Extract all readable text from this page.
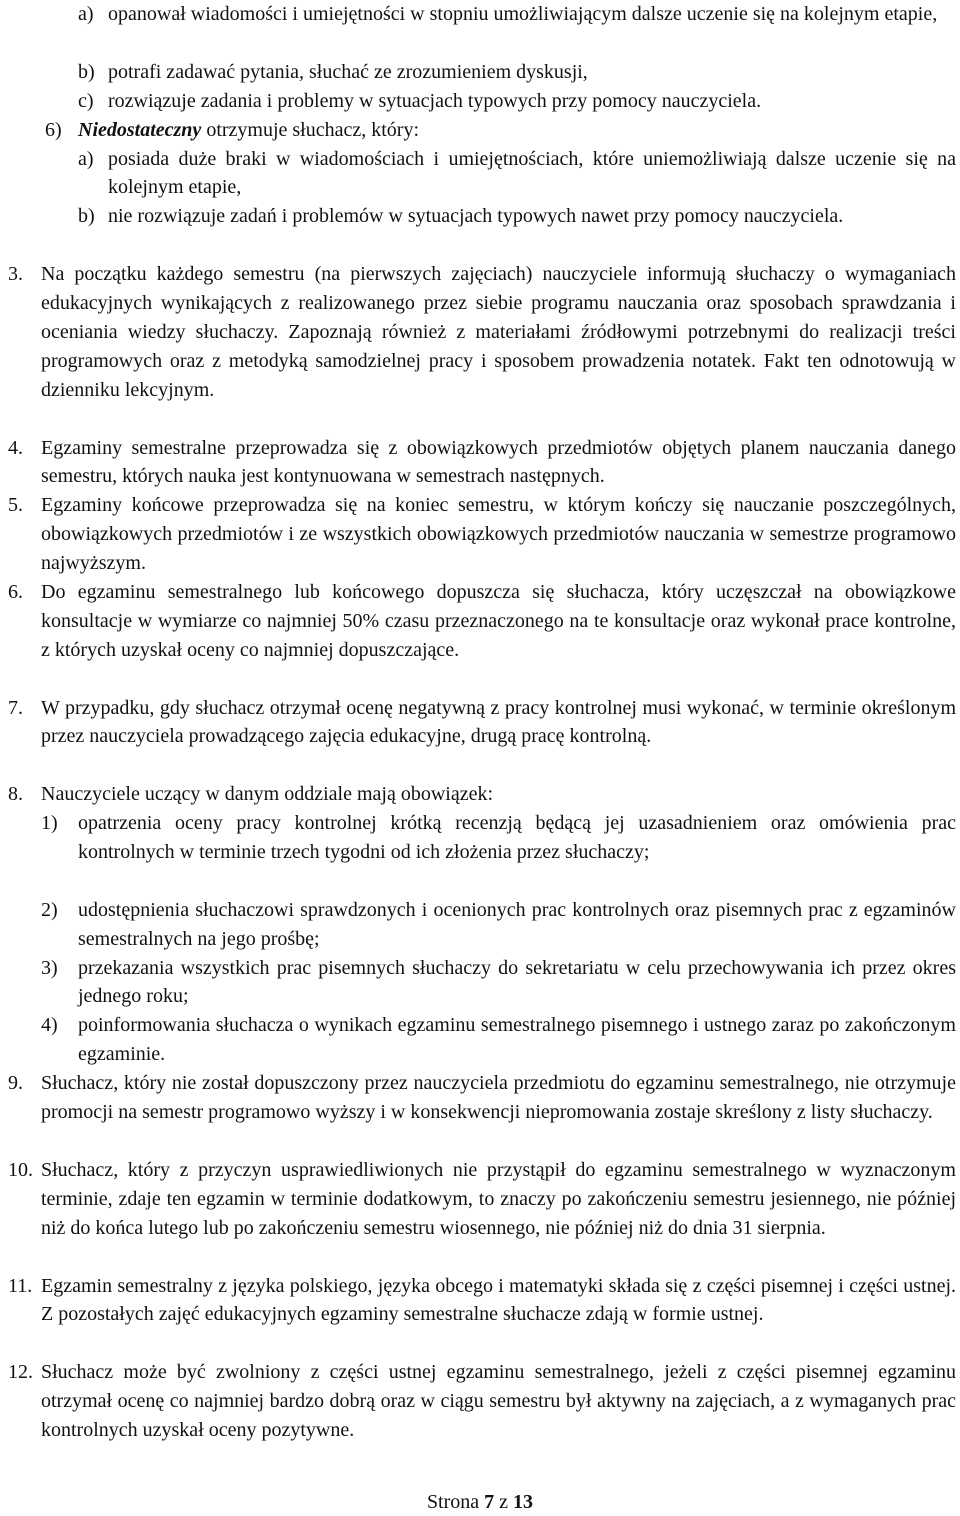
a) opanował wiadomości i umiejętności w stopniu umożliwiającym dalsze uczenie się na kolejnym etapie,
b) potrafi zadawać pytania, słuchać ze zrozumieniem dyskusji,
c) rozwiązuje zadania i problemy w sytuacjach typowych przy pomocy nauczyciela.
6) Niedostateczny otrzymuje słuchacz, który:
a) posiada duże braki w wiadomościach i umiejętnościach, które uniemożliwiają dalsze uczenie się na kolejnym etapie,
b) nie rozwiązuje zadań i problemów w sytuacjach typowych nawet przy pomocy nauczyciela.
3. Na początku każdego semestru (na pierwszych zajęciach) nauczyciele informują słuchaczy o wymaganiach edukacyjnych wynikających z realizowanego przez siebie programu nauczania oraz sposobach sprawdzania i oceniania wiedzy słuchaczy. Zapoznają również z materiałami źródłowymi potrzebnymi do realizacji treści programowych oraz z metodyką samodzielnej pracy i sposobem prowadzenia notatek. Fakt ten odnotowują w dzienniku lekcyjnym.
4. Egzaminy semestralne przeprowadza się z obowiązkowych przedmiotów objętych planem nauczania danego semestru, których nauka jest kontynuowana w semestrach następnych.
5. Egzaminy końcowe przeprowadza się na koniec semestru, w którym kończy się nauczanie poszczególnych, obowiązkowych przedmiotów i ze wszystkich obowiązkowych przedmiotów nauczania w semestrze programowo najwyższym.
6. Do egzaminu semestralnego lub końcowego dopuszcza się słuchacza, który uczęszczał na obowiązkowe konsultacje w wymiarze co najmniej 50% czasu przeznaczonego na te konsultacje oraz wykonał prace kontrolne, z których uzyskał oceny co najmniej dopuszczające.
7. W przypadku, gdy słuchacz otrzymał ocenę negatywną z pracy kontrolnej musi wykonać, w terminie określonym przez nauczyciela prowadzącego zajęcia edukacyjne, drugą pracę kontrolną.
8. Nauczyciele uczący w danym oddziale mają obowiązek:
1) opatrzenia oceny pracy kontrolnej krótką recenzją będącą jej uzasadnieniem oraz omówienia prac kontrolnych w terminie trzech tygodni od ich złożenia przez słuchaczy;
2) udostępnienia słuchaczowi sprawdzonych i ocenionych prac kontrolnych oraz pisemnych prac z egzaminów semestralnych na jego prośbę;
3) przekazania wszystkich prac pisemnych słuchaczy do sekretariatu w celu przechowywania ich przez okres jednego roku;
4) poinformowania słuchacza o wynikach egzaminu semestralnego pisemnego i ustnego zaraz po zakończonym egzaminie.
9. Słuchacz, który nie został dopuszczony przez nauczyciela przedmiotu do egzaminu semestralnego, nie otrzymuje promocji na semestr programowo wyższy i w konsekwencji niepromowania zostaje skreślony z listy słuchaczy.
10. Słuchacz, który z przyczyn usprawiedliwionych nie przystąpił do egzaminu semestralnego w wyznaczonym terminie, zdaje ten egzamin w terminie dodatkowym, to znaczy po zakończeniu semestru jesiennego, nie później niż do końca lutego lub po zakończeniu semestru wiosennego, nie później niż do dnia 31 sierpnia.
11. Egzamin semestralny z języka polskiego, języka obcego i matematyki składa się z części pisemnej i części ustnej. Z pozostałych zajęć edukacyjnych egzaminy semestralne słuchacze zdają w formie ustnej.
12. Słuchacz może być zwolniony z części ustnej egzaminu semestralnego, jeżeli z części pisemnej egzaminu otrzymał ocenę co najmniej bardzo dobrą oraz w ciągu semestru był aktywny na zajęciach, a z wymaganych prac kontrolnych uzyskał oceny pozytywne.
Strona 7 z 13
